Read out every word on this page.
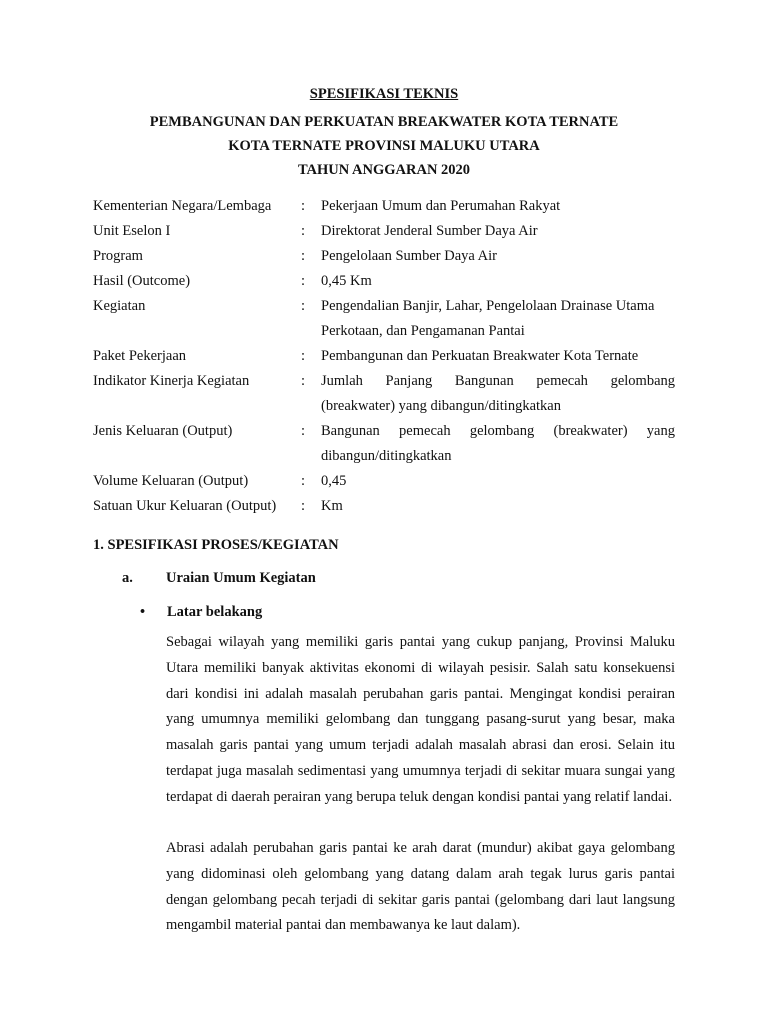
SPESIFIKASI TEKNIS
PEMBANGUNAN DAN PERKUATAN BREAKWATER KOTA TERNATE
KOTA TERNATE PROVINSI MALUKU UTARA
TAHUN ANGGARAN 2020
Kementerian Negara/Lembaga	:	Pekerjaan Umum dan Perumahan Rakyat
Unit Eselon I	:	Direktorat Jenderal Sumber Daya Air
Program	:	Pengelolaan Sumber Daya Air
Hasil (Outcome)	:	0,45 Km
Kegiatan	:	Pengendalian Banjir, Lahar, Pengelolaan Drainase Utama Perkotaan, dan Pengamanan Pantai
Paket Pekerjaan	:	Pembangunan dan Perkuatan Breakwater Kota Ternate
Indikator Kinerja Kegiatan	:	Jumlah Panjang Bangunan pemecah gelombang (breakwater) yang dibangun/ditingkatkan
Jenis Keluaran (Output)	:	Bangunan pemecah gelombang (breakwater) yang dibangun/ditingkatkan
Volume Keluaran (Output)	:	0,45
Satuan Ukur Keluaran (Output)	:	Km
1. SPESIFIKASI PROSES/KEGIATAN
a. Uraian Umum Kegiatan
• Latar belakang
Sebagai wilayah yang memiliki garis pantai yang cukup panjang, Provinsi Maluku Utara memiliki banyak aktivitas ekonomi di wilayah pesisir. Salah satu konsekuensi dari kondisi ini adalah masalah perubahan garis pantai. Mengingat kondisi perairan yang umumnya memiliki gelombang dan tunggang pasang-surut yang besar, maka masalah garis pantai yang umum terjadi adalah masalah abrasi dan erosi. Selain itu terdapat juga masalah sedimentasi yang umumnya terjadi di sekitar muara sungai yang terdapat di daerah perairan yang berupa teluk dengan kondisi pantai yang relatif landai.
Abrasi adalah perubahan garis pantai ke arah darat (mundur) akibat gaya gelombang yang didominasi oleh gelombang yang datang dalam arah tegak lurus garis pantai dengan gelombang pecah terjadi di sekitar garis pantai (gelombang dari laut langsung mengambil material pantai dan membawanya ke laut dalam).
